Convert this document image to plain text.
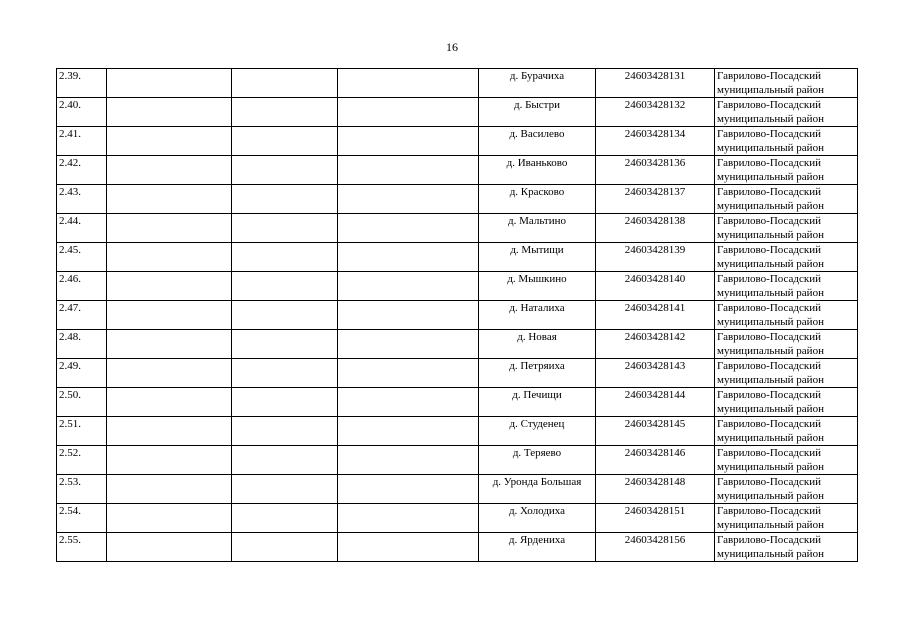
16
2.39.				д. Бурачиха	24603428131	Гаврилово-Посадский муниципальный район
2.40.				д. Быстри	24603428132	Гаврилово-Посадский муниципальный район
2.41.				д. Василево	24603428134	Гаврилово-Посадский муниципальный район
2.42.				д. Иваньково	24603428136	Гаврилово-Посадский муниципальный район
2.43.				д. Красково	24603428137	Гаврилово-Посадский муниципальный район
2.44.				д. Мальтино	24603428138	Гаврилово-Посадский муниципальный район
2.45.				д. Мытищи	24603428139	Гаврилово-Посадский муниципальный район
2.46.				д. Мышкино	24603428140	Гаврилово-Посадский муниципальный район
2.47.				д. Наталиха	24603428141	Гаврилово-Посадский муниципальный район
2.48.				д. Новая	24603428142	Гаврилово-Посадский муниципальный район
2.49.				д. Петряиха	24603428143	Гаврилово-Посадский муниципальный район
2.50.				д. Печищи	24603428144	Гаврилово-Посадский муниципальный район
2.51.				д. Студенец	24603428145	Гаврилово-Посадский муниципальный район
2.52.				д. Теряево	24603428146	Гаврилово-Посадский муниципальный район
2.53.				д. Уронда Большая	24603428148	Гаврилово-Посадский муниципальный район
2.54.				д. Холодиха	24603428151	Гаврилово-Посадский муниципальный район
2.55.				д. Ярдениха	24603428156	Гаврилово-Посадский муниципальный район
